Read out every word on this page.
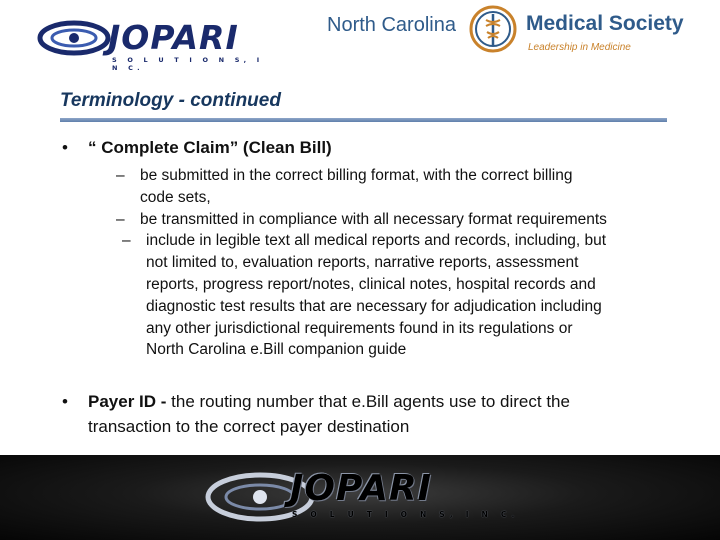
JOPARI
S O L U T I O N S, I N C.
North Carolina	Medical Society
Leadership in Medicine
Terminology - continued
• “ Complete Claim” (Clean Bill)
– be submitted in the correct billing format, with the correct billing
code sets,
– be transmitted in compliance with all necessary format requirements
– include in legible text all medical reports and records, including, but
not limited to, evaluation reports, narrative reports, assessment
reports, progress report/notes, clinical notes, hospital records and
diagnostic test results that are necessary for adjudication including
any other jurisdictional requirements found in its regulations or
North Carolina e.Bill companion guide
• Payer ID - the routing number that e.Bill agents use to direct the
transaction to the correct payer destination
JOPARI
S O L U T I O N S, I N C.
